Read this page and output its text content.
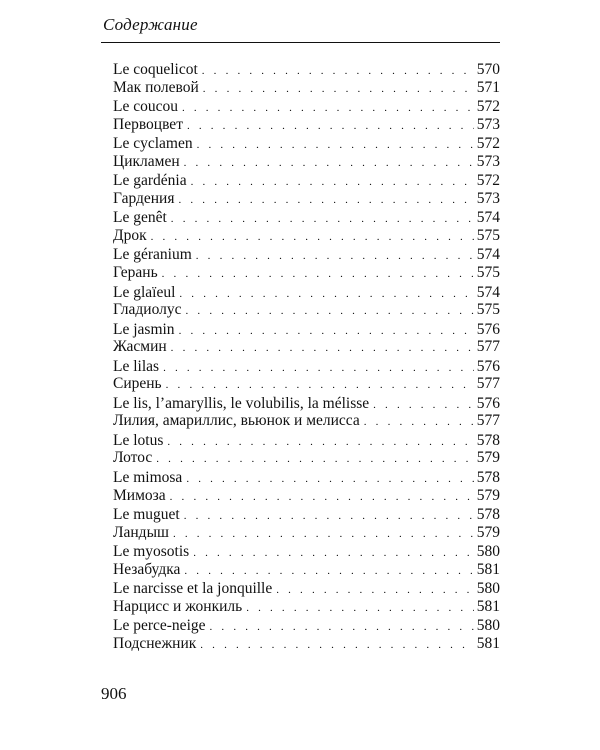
Содержание
Le coquelicot . . .	570
Мак полевой . . .	571
Le coucou . . .	572
Первоцвет . . .	573
Le cyclamen . . .	572
Цикламен . . .	573
Le gardénia . . .	572
Гардения . . .	573
Le genêt . . .	574
Дрок . . .	575
Le géranium . . .	574
Герань . . .	575
Le glaïeul . . .	574
Гладиолус . . .	575
Le jasmin . . .	576
Жасмин . . .	577
Le lilas . . .	576
Сирень . . .	577
Le lis, l’amaryllis, le volubilis, la mélisse . . .	576
Лилия, амариллис, вьюнок и мелисса . . .	577
Le lotus . . .	578
Лотос . . .	579
Le mimosa . . .	578
Мимоза . . .	579
Le muguet . . .	578
Ландыш . . .	579
Le myosotis . . .	580
Незабудка . . .	581
Le narcisse et la jonquille . . .	580
Нарцисс и жонкиль . . .	581
Le perce-neige . . .	580
Подснежник . . .	581
906
